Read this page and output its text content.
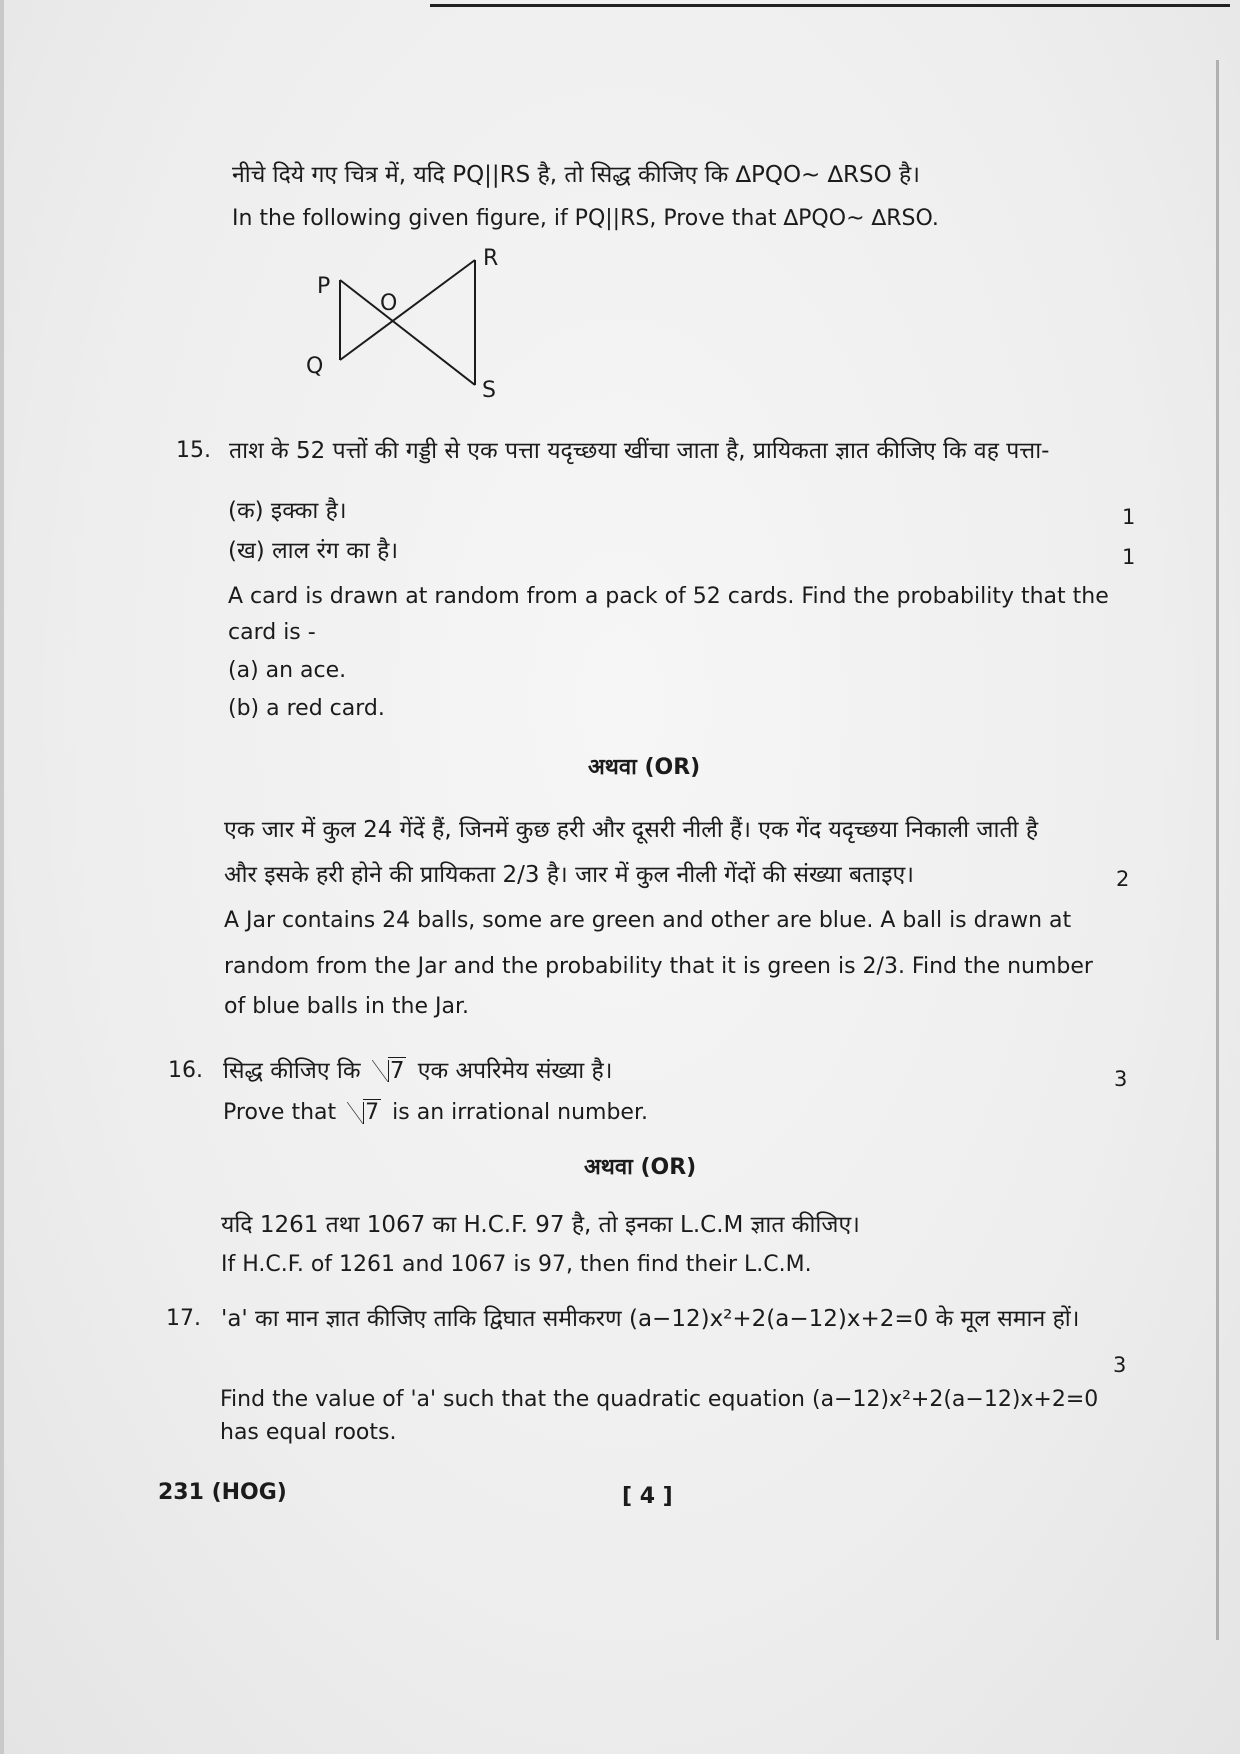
नीचे दिये गए चित्र में, यदि PQ||RS है, तो सिद्ध कीजिए कि ∆PQO~ ∆RSO है।
In the following given figure, if PQ||RS, Prove that ∆PQO~ ∆RSO.
P
O
R
Q
S
15. ताश के 52 पत्तों की गड्डी से एक पत्ता यदृच्छया खींचा जाता है, प्रायिकता ज्ञात कीजिए कि वह पत्ता-
(क) इक्का है।	1
(ख) लाल रंग का है।	1
A card is drawn at random from a pack of 52 cards. Find the probability that the
card is -
(a) an ace.
(b) a red card.
अथवा (OR)
एक जार में कुल 24 गेंदें हैं, जिनमें कुछ हरी और दूसरी नीली हैं। एक गेंद यदृच्छया निकाली जाती है
और इसके हरी होने की प्रायिकता 2/3 है। जार में कुल नीली गेंदों की संख्या बताइए।	2
A Jar contains 24 balls, some are green and other are blue. A ball is drawn at
random from the Jar and the probability that it is green is 2/3. Find the number
of blue balls in the Jar.
16. सिद्ध कीजिए कि 7 एक अपरिमेय संख्या है।	3
Prove that 7 is an irrational number.
अथवा (OR)
यदि 1261 तथा 1067 का H.C.F. 97 है, तो इनका L.C.M ज्ञात कीजिए।
If H.C.F. of 1261 and 1067 is 97, then find their L.C.M.
17. 'a' का मान ज्ञात कीजिए ताकि द्विघात समीकरण (a−12)x²+2(a−12)x+2=0 के मूल समान हों।
3
Find the value of 'a' such that the quadratic equation (a−12)x²+2(a−12)x+2=0
has equal roots.
231 (HOG)	[ 4 ]
